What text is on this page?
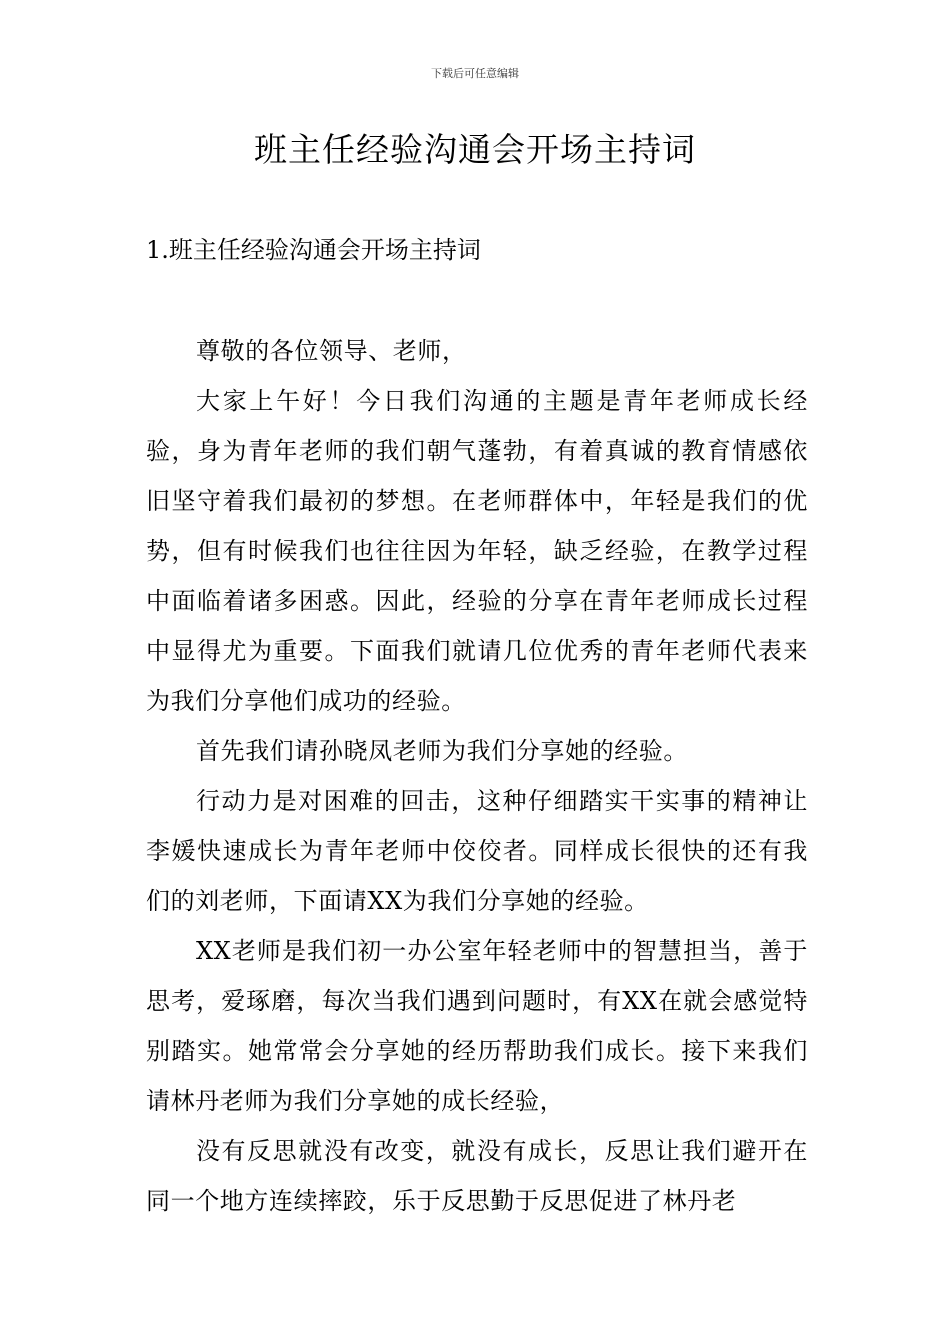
下载后可任意编辑
班主任经验沟通会开场主持词
1.班主任经验沟通会开场主持词

尊敬的各位领导、老师，

大家上午好！今日我们沟通的主题是青年老师成长经验，身为青年老师的我们朝气蓬勃，有着真诚的教育情感依旧坚守着我们最初的梦想。在老师群体中，年轻是我们的优势，但有时候我们也往往因为年轻，缺乏经验，在教学过程中面临着诸多困惑。因此，经验的分享在青年老师成长过程中显得尤为重要。下面我们就请几位优秀的青年老师代表来为我们分享他们成功的经验。

首先我们请孙晓凤老师为我们分享她的经验。

行动力是对困难的回击，这种仔细踏实干实事的精神让李媛快速成长为青年老师中佼佼者。同样成长很快的还有我们的刘老师，下面请XX为我们分享她的经验。

XX老师是我们初一办公室年轻老师中的智慧担当，善于思考，爱琢磨，每次当我们遇到问题时，有XX在就会感觉特别踏实。她常常会分享她的经历帮助我们成长。接下来我们请林丹老师为我们分享她的成长经验，

没有反思就没有改变，就没有成长，反思让我们避开在同一个地方连续摔跤，乐于反思勤于反思促进了林丹老
